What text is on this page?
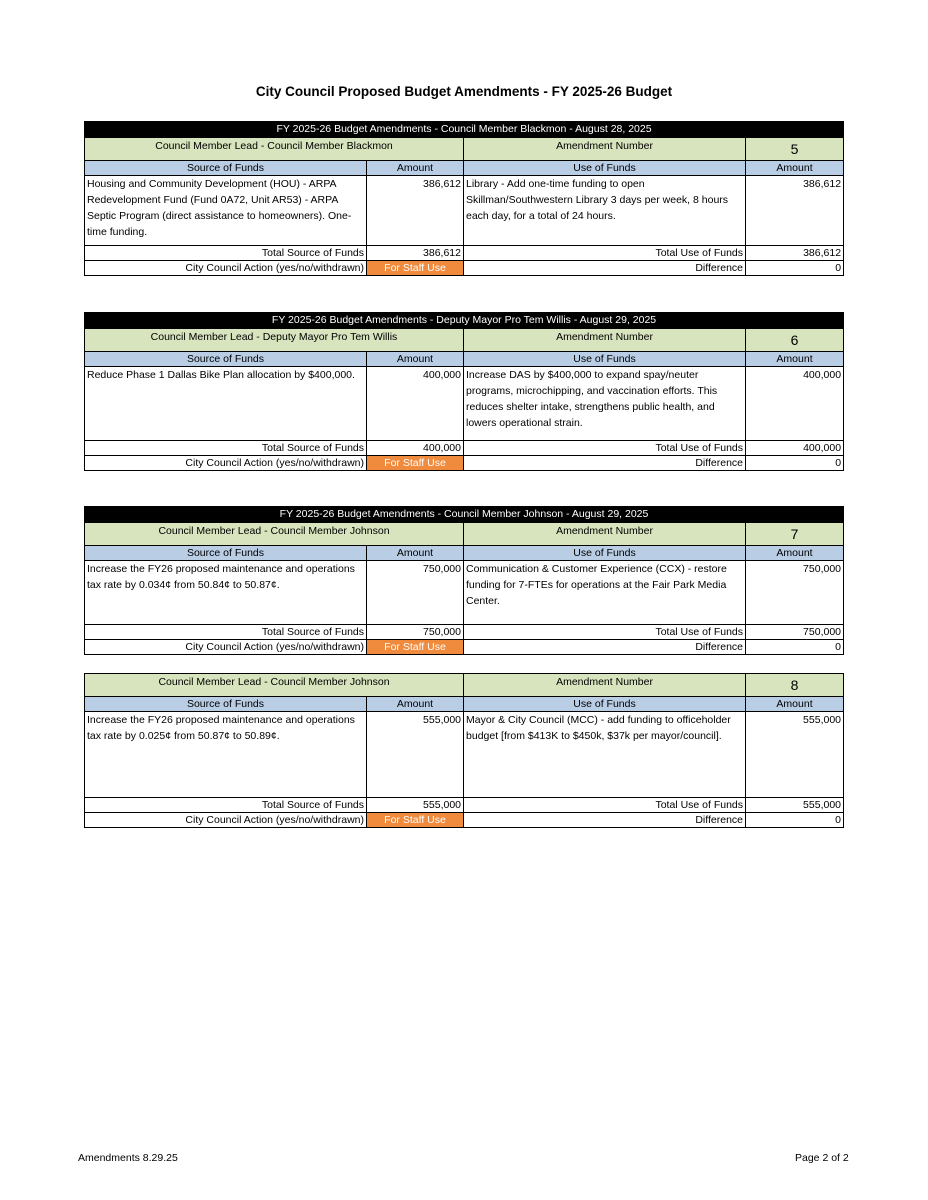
City Council Proposed Budget Amendments - FY 2025-26 Budget
FY 2025-26 Budget Amendments - Council Member Blackmon - August 28, 2025			
Council Member Lead - Council Member Blackmon		Amendment Number	5
Source of Funds	Amount	Use of Funds	Amount
Housing and Community Development (HOU) - ARPA Redevelopment Fund (Fund 0A72, Unit AR53) - ARPA Septic Program (direct assistance to homeowners). One-time funding.	386,612	Library - Add one-time funding to open Skillman/Southwestern Library 3 days per week, 8 hours each day, for a total of 24 hours.	386,612
Total Source of Funds	386,612	Total Use of Funds	386,612
City Council Action (yes/no/withdrawn)	For Staff Use	Difference	0
FY 2025-26 Budget Amendments - Deputy Mayor Pro Tem Willis - August 29, 2025			
Council Member Lead - Deputy Mayor Pro Tem Willis		Amendment Number	6
Source of Funds	Amount	Use of Funds	Amount
Reduce Phase 1 Dallas Bike Plan allocation by $400,000.	400,000	Increase DAS by $400,000 to expand spay/neuter programs, microchipping, and vaccination efforts. This reduces shelter intake, strengthens public health, and lowers operational strain.	400,000
Total Source of Funds	400,000	Total Use of Funds	400,000
City Council Action (yes/no/withdrawn)	For Staff Use	Difference	0
FY 2025-26 Budget Amendments - Council Member Johnson - August 29, 2025			
Council Member Lead - Council Member Johnson		Amendment Number	7
Source of Funds	Amount	Use of Funds	Amount
Increase the FY26 proposed maintenance and operations tax rate by 0.034¢ from 50.84¢ to 50.87¢.	750,000	Communication & Customer Experience (CCX) - restore funding for 7-FTEs for operations at the Fair Park Media Center.	750,000
Total Source of Funds	750,000	Total Use of Funds	750,000
City Council Action (yes/no/withdrawn)	For Staff Use	Difference	0
Council Member Lead - Council Member Johnson		Amendment Number	8
Source of Funds	Amount	Use of Funds	Amount
Increase the FY26 proposed maintenance and operations tax rate by 0.025¢ from 50.87¢ to 50.89¢.	555,000	Mayor & City Council (MCC) - add funding to officeholder budget [from $413K to $450k, $37k per mayor/council].	555,000
Total Source of Funds	555,000	Total Use of Funds	555,000
City Council Action (yes/no/withdrawn)	For Staff Use	Difference	0
Amendments 8.29.25	Page 2 of 2
